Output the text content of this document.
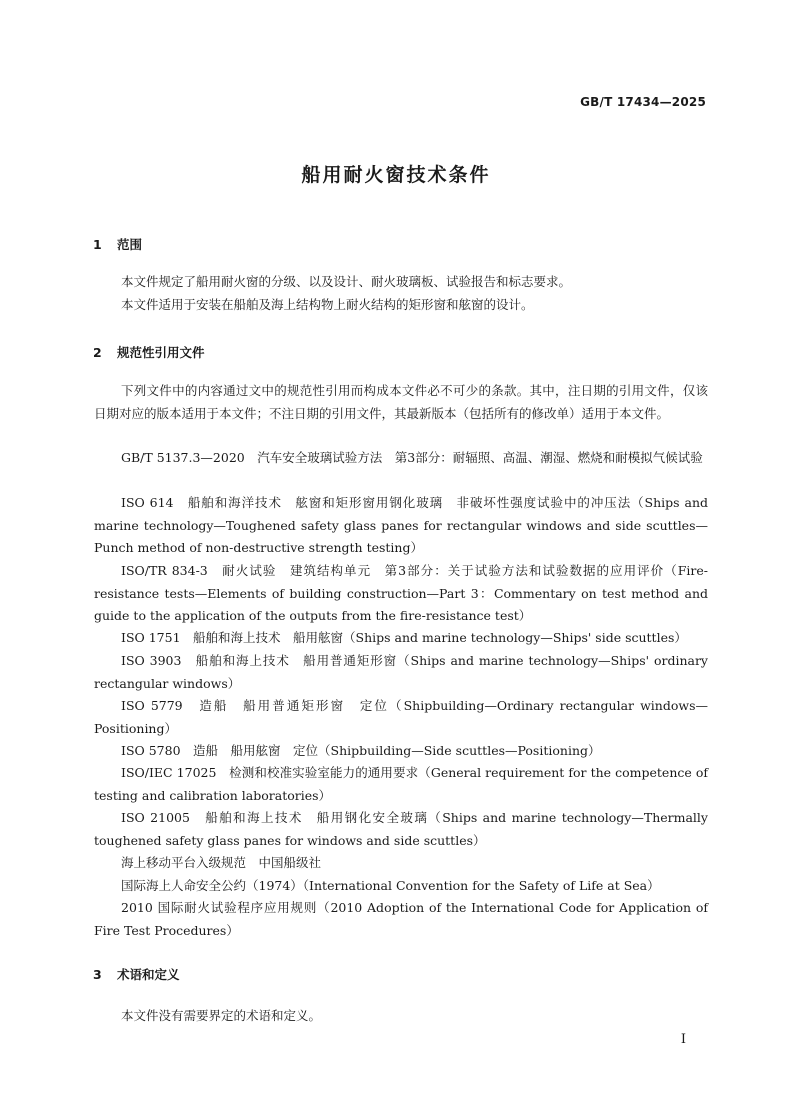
GB/T 17434—2025
船用耐火窗技术条件
1 范围

本文件规定了船用耐火窗的分级、以及设计、耐火玻璃板、试验报告和标志要求。

本文件适用于安装在船舶及海上结构物上耐火结构的矩形窗和舷窗的设计。

2 规范性引用文件

下列文件中的内容通过文中的规范性引用而构成本文件必不可少的条款。其中，注日期的引用文件，仅该日期对应的版本适用于本文件；不注日期的引用文件，其最新版本（包括所有的修改单）适用于本文件。

GB/T 5137.3—2020　汽车安全玻璃试验方法　第3部分：耐辐照、高温、潮湿、燃烧和耐模拟气候试验

ISO 614　船舶和海洋技术　舷窗和矩形窗用钢化玻璃　非破坏性强度试验中的冲压法（Ships and marine technology—Toughened safety glass panes for rectangular windows and side scuttles—Punch method of non-destructive strength testing）

ISO/TR 834-3　耐火试验　建筑结构单元　第3部分：关于试验方法和试验数据的应用评价（Fire-resistance tests—Elements of building construction—Part 3：Commentary on test method and guide to the application of the outputs from the fire-resistance test）

ISO 1751　船舶和海上技术　船用舷窗（Ships and marine technology—Ships' side scuttles）

ISO 3903　船舶和海上技术　船用普通矩形窗（Ships and marine technology—Ships' ordinary rectangular windows）

ISO 5779　造船　船用普通矩形窗　定位（Shipbuilding—Ordinary rectangular windows—Positioning）

ISO 5780　造船　船用舷窗　定位（Shipbuilding—Side scuttles—Positioning）

ISO/IEC 17025　检测和校准实验室能力的通用要求（General requirement for the competence of testing and calibration laboratories）

ISO 21005　船舶和海上技术　船用钢化安全玻璃（Ships and marine technology—Thermally toughened safety glass panes for windows and side scuttles）

海上移动平台入级规范　中国船级社

国际海上人命安全公约（1974）（International Convention for the Safety of Life at Sea）

2010 国际耐火试验程序应用规则（2010 Adoption of the International Code for Application of Fire Test Procedures）

3 术语和定义

本文件没有需要界定的术语和定义。

I
